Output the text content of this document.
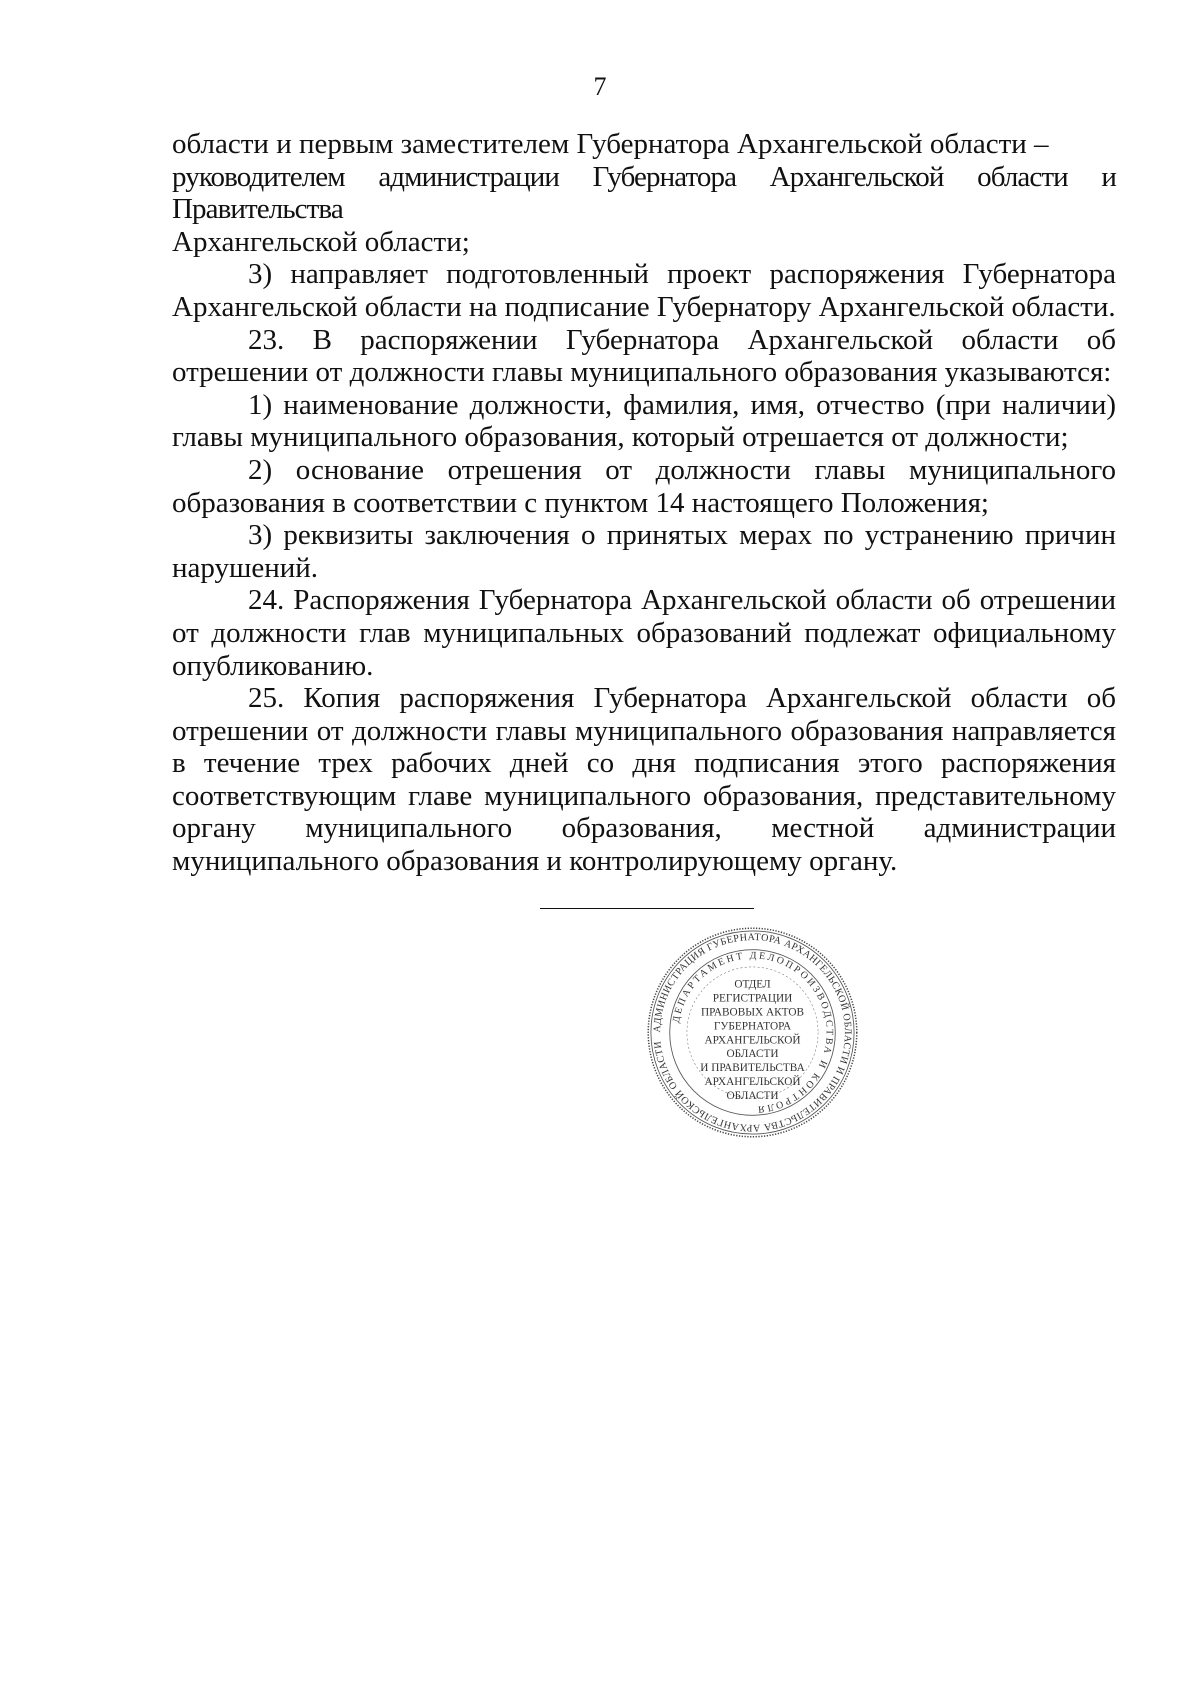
7

области и первым заместителем Губернатора Архангельской области –

руководителем администрации Губернатора Архангельской области и Правительства

Архангельской области;

3) направляет подготовленный проект распоряжения Губернатора Архангельской области на подписание Губернатору Архангельской области.

23. В распоряжении Губернатора Архангельской области об отрешении от должности главы муниципального образования указываются:

1) наименование должности, фамилия, имя, отчество (при наличии) главы муниципального образования, который отрешается от должности;

2) основание отрешения от должности главы муниципального образования в соответствии с пунктом 14 настоящего Положения;

3) реквизиты заключения о принятых мерах по устранению причин нарушений.

24. Распоряжения Губернатора Архангельской области об отрешении от должности глав муниципальных образований подлежат официальному опубликованию.

25. Копия распоряжения Губернатора Архангельской области об отрешении от должности главы муниципального образования направляется в течение трех рабочих дней со дня подписания этого распоряжения соответствующим главе муниципального образования, представительному органу муниципального образования, местной администрации муниципального образования и контролирующему органу.

АДМИНИСТРАЦИЯ ГУБЕРНАТОРА АРХАНГЕЛЬСКОЙ ОБЛАСТИ И ПРАВИТЕЛЬСТВА АРХАНГЕЛЬСКОЙ ОБЛАСТИ
ДЕПАРТАМЕНТ ДЕЛОПРОИЗВОДСТВА И КОНТРОЛЯ
ОТДЕЛ
РЕГИСТРАЦИИ
ПРАВОВЫХ АКТОВ
ГУБЕРНАТОРА
АРХАНГЕЛЬСКОЙ
ОБЛАСТИ
И ПРАВИТЕЛЬСТВА
АРХАНГЕЛЬСКОЙ
ОБЛАСТИ
